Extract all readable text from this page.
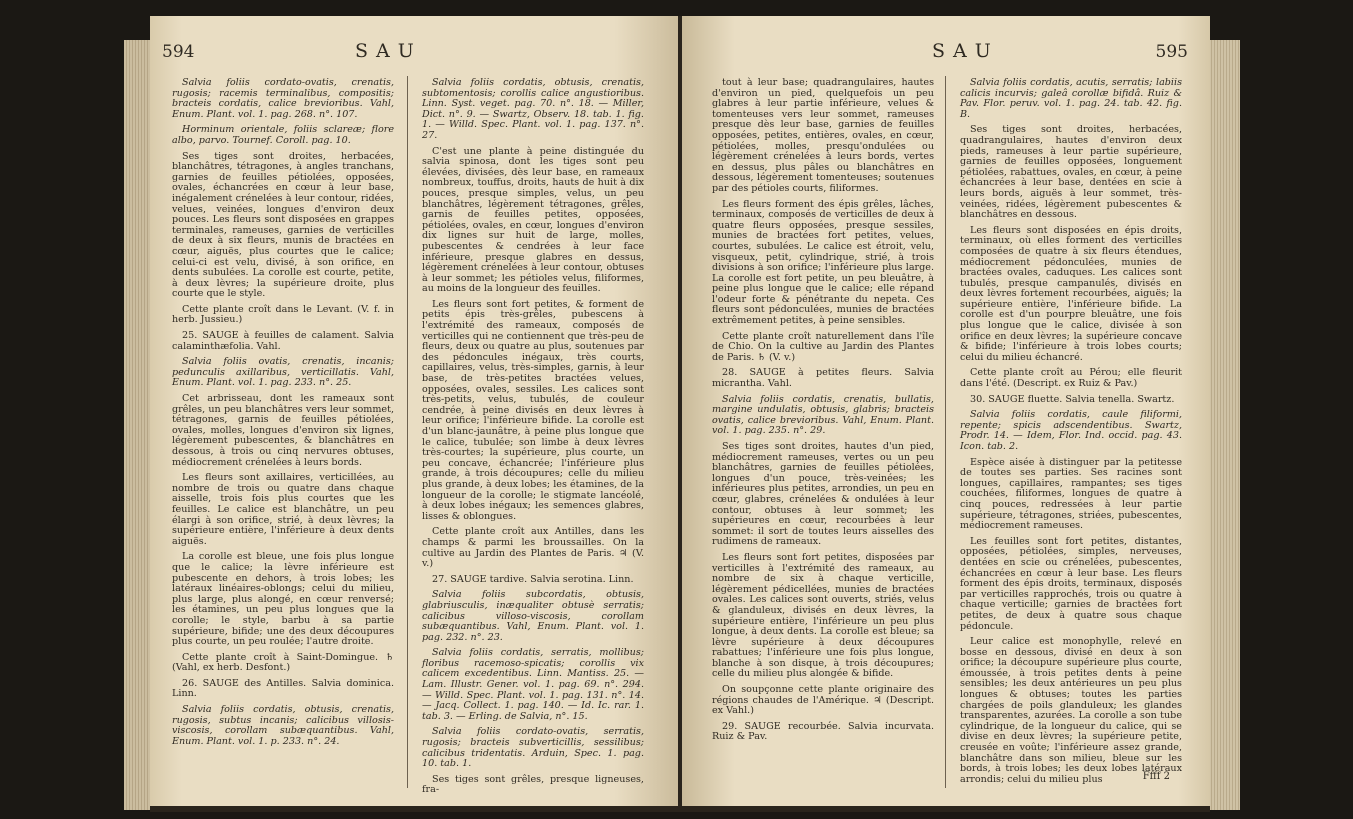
594	SAU

Salvia foliis cordato-ovatis, crenatis, rugosis; racemis terminalibus, compositis; bracteis cordatis, calice brevioribus. Vahl, Enum. Plant. vol. 1. pag. 268. n°. 107.

Horminum orientale, foliis sclareæ; flore albo, parvo. Tournef. Coroll. pag. 10.

Ses tiges sont droites, herbacées, blanchâtres, tétragones, à angles tranchans, garnies de feuilles pétiolées, opposées, ovales, échancrées en cœur à leur base, inégalement crénelées à leur contour, ridées, velues, veinées, longues d'environ deux pouces. Les fleurs sont disposées en grappes terminales, rameuses, garnies de verticilles de deux à six fleurs, munis de bractées en cœur, aiguës, plus courtes que le calice; celui-ci est velu, divisé, à son orifice, en dents subulées. La corolle est courte, petite, à deux lèvres; la supérieure droite, plus courte que le style.

Cette plante croît dans le Levant. (V. f. in herb. Jussieu.)

25. SAUGE à feuilles de calament. Salvia calaminthæfolia. Vahl.

Salvia foliis ovatis, crenatis, incanis; pedunculis axillaribus, verticillatis. Vahl, Enum. Plant. vol. 1. pag. 233. n°. 25.

Cet arbrisseau, dont les rameaux sont grêles, un peu blanchâtres vers leur sommet, tétragones, garnis de feuilles pétiolées, ovales, molles, longues d'environ six lignes, légèrement pubescentes, & blanchâtres en dessous, à trois ou cinq nervures obtuses, médiocrement crénelées à leurs bords.

Les fleurs sont axillaires, verticillées, au nombre de trois ou quatre dans chaque aisselle, trois fois plus courtes que les feuilles. Le calice est blanchâtre, un peu élargi à son orifice, strié, à deux lèvres; la supérieure entière, l'inférieure à deux dents aiguës.

La corolle est bleue, une fois plus longue que le calice; la lèvre inférieure est pubescente en dehors, à trois lobes; les latéraux linéaires-oblongs; celui du milieu, plus large, plus alongé, en cœur renversé; les étamines, un peu plus longues que la corolle; le style, barbu à sa partie supérieure, bifide; une des deux découpures plus courte, un peu roulée; l'autre droite.

Cette plante croît à Saint-Domingue. ♄ (Vahl, ex herb. Desfont.)

26. SAUGE des Antilles. Salvia dominica. Linn.

Salvia foliis cordatis, obtusis, crenatis, rugosis, subtus incanis; calicibus villosis-viscosis, corollam subæquantibus. Vahl, Enum. Plant. vol. 1. p. 233. n°. 24.

Salvia foliis cordatis, obtusis, crenatis, subtomentosis; corollis calice angustioribus. Linn. Syst. veget. pag. 70. n°. 18. — Miller, Dict. n°. 9. — Swartz, Observ. 18. tab. 1. fig. 1. — Willd. Spec. Plant. vol. 1. pag. 137. n°. 27.

C'est une plante à peine distinguée du salvia spinosa, dont les tiges sont peu élevées, divisées, dès leur base, en rameaux nombreux, touffus, droits, hauts de huit à dix pouces, presque simples, velus, un peu blanchâtres, légèrement tétragones, grêles, garnis de feuilles petites, opposées, pétiolées, ovales, en cœur, longues d'environ dix lignes sur huit de large, molles, pubescentes & cendrées à leur face inférieure, presque glabres en dessus, légèrement crénelées à leur contour, obtuses à leur sommet; les pétioles velus, filiformes, au moins de la longueur des feuilles.

Les fleurs sont fort petites, & forment de petits épis très-grêles, pubescens à l'extrémité des rameaux, composés de verticilles qui ne contiennent que très-peu de fleurs, deux ou quatre au plus, soutenues par des pédoncules inégaux, très courts, capillaires, velus, très-simples, garnis, à leur base, de très-petites bractées velues, opposées, ovales, sessiles. Les calices sont très-petits, velus, tubulés, de couleur cendrée, à peine divisés en deux lèvres à leur orifice; l'inférieure bifide. La corolle est d'un blanc-jaunâtre, à peine plus longue que le calice, tubulée; son limbe à deux lèvres très-courtes; la supérieure, plus courte, un peu concave, échancrée; l'inférieure plus grande, à trois découpures; celle du milieu plus grande, à deux lobes; les étamines, de la longueur de la corolle; le stigmate lancéolé, à deux lobes inégaux; les semences glabres, lisses & oblongues.

Cette plante croît aux Antilles, dans les champs & parmi les broussailles. On la cultive au Jardin des Plantes de Paris. ♃ (V. v.)

27. SAUGE tardive. Salvia serotina. Linn.

Salvia foliis subcordatis, obtusis, glabriusculis, inæqualiter obtusè serratis; calicibus villoso-viscosis, corollam subæquantibus. Vahl, Enum. Plant. vol. 1. pag. 232. n°. 23.

Salvia foliis cordatis, serratis, mollibus; floribus racemoso-spicatis; corollis vix calicem excedentibus. Linn. Mantiss. 25. — Lam. Illustr. Gener. vol. 1. pag. 69. n°. 294. — Willd. Spec. Plant. vol. 1. pag. 131. n°. 14. — Jacq. Collect. 1. pag. 140. — Id. Ic. rar. 1. tab. 3. — Erling. de Salvia, n°. 15.

Salvia foliis cordato-ovatis, serratis, rugosis; bracteis subverticillis, sessilibus; calicibus tridentatis. Arduin, Spec. 1. pag. 10. tab. 1.

Ses tiges sont grêles, presque ligneuses, fra-

SAU	595

tout à leur base; quadrangulaires, hautes d'environ un pied, quelquefois un peu glabres à leur partie inférieure, velues & tomenteuses vers leur sommet, rameuses presque dès leur base, garnies de feuilles opposées, petites, entières, ovales, en cœur, pétiolées, molles, presqu'ondulées ou légèrement crénelées à leurs bords, vertes en dessus, plus pâles ou blanchâtres en dessous, légèrement tomenteuses; soutenues par des pétioles courts, filiformes.

Les fleurs forment des épis grêles, lâches, terminaux, composés de verticilles de deux à quatre fleurs opposées, presque sessiles, munies de bractées fort petites, velues, courtes, subulées. Le calice est étroit, velu, visqueux, petit, cylindrique, strié, à trois divisions à son orifice; l'inférieure plus large. La corolle est fort petite, un peu bleuâtre, à peine plus longue que le calice; elle répand l'odeur forte & pénétrante du nepeta. Ces fleurs sont pédonculées, munies de bractées extrêmement petites, à peine sensibles.

Cette plante croît naturellement dans l'île de Chio. On la cultive au Jardin des Plantes de Paris. ♄ (V. v.)

28. SAUGE à petites fleurs. Salvia micrantha. Vahl.

Salvia foliis cordatis, crenatis, bullatis, margine undulatis, obtusis, glabris; bracteis ovatis, calice brevioribus. Vahl, Enum. Plant. vol. 1. pag. 235. n°. 29.

Ses tiges sont droites, hautes d'un pied, médiocrement rameuses, vertes ou un peu blanchâtres, garnies de feuilles pétiolées, longues d'un pouce, très-veinées; les inférieures plus petites, arrondies, un peu en cœur, glabres, crénelées & ondulées à leur contour, obtuses à leur sommet; les supérieures en cœur, recourbées à leur sommet: il sort de toutes leurs aisselles des rudimens de rameaux.

Les fleurs sont fort petites, disposées par verticilles à l'extrémité des rameaux, au nombre de six à chaque verticille, légèrement pédicellées, munies de bractées ovales. Les calices sont ouverts, striés, velus & glanduleux, divisés en deux lèvres, la supérieure entière, l'inférieure un peu plus longue, à deux dents. La corolle est bleue; sa lèvre supérieure à deux découpures rabattues; l'inférieure une fois plus longue, blanche à son disque, à trois découpures; celle du milieu plus alongée & bifide.

On soupçonne cette plante originaire des régions chaudes de l'Amérique. ♃ (Descript. ex Vahl.)

29. SAUGE recourbée. Salvia incurvata. Ruiz & Pav.

Salvia foliis cordatis, acutis, serratis; labiis calicis incurvis; galeâ corollæ bifidâ. Ruiz & Pav. Flor. peruv. vol. 1. pag. 24. tab. 42. fig. B.

Ses tiges sont droites, herbacées, quadrangulaires, hautes d'environ deux pieds, rameuses à leur partie supérieure, garnies de feuilles opposées, longuement pétiolées, rabattues, ovales, en cœur, à peine échancrées à leur base, dentées en scie à leurs bords, aiguës à leur sommet, très-veinées, ridées, légèrement pubescentes & blanchâtres en dessous.

Les fleurs sont disposées en épis droits, terminaux, où elles forment des verticilles composées de quatre à six fleurs étendues, médiocrement pédonculées, munies de bractées ovales, caduques. Les calices sont tubulés, presque campanulés, divisés en deux lèvres fortement recourbées, aiguës; la supérieure entière, l'inférieure bifide. La corolle est d'un pourpre bleuâtre, une fois plus longue que le calice, divisée à son orifice en deux lèvres; la supérieure concave & bifide; l'inférieure à trois lobes courts; celui du milieu échancré.

Cette plante croît au Pérou; elle fleurit dans l'été. (Descript. ex Ruiz & Pav.)

30. SAUGE fluette. Salvia tenella. Swartz.

Salvia foliis cordatis, caule filiformi, repente; spicis adscendentibus. Swartz, Prodr. 14. — Idem, Flor. Ind. occid. pag. 43. Icon. tab. 2.

Espèce aisée à distinguer par la petitesse de toutes ses parties. Ses racines sont longues, capillaires, rampantes; ses tiges couchées, filiformes, longues de quatre à cinq pouces, redressées à leur partie supérieure, tétragones, striées, pubescentes, médiocrement rameuses.

Les feuilles sont fort petites, distantes, opposées, pétiolées, simples, nerveuses, dentées en scie ou crénelées, pubescentes, échancrées en cœur à leur base. Les fleurs forment des épis droits, terminaux, disposés par verticilles rapprochés, trois ou quatre à chaque verticille; garnies de bractées fort petites, de deux à quatre sous chaque pédoncule.

Leur calice est monophylle, relevé en bosse en dessous, divisé en deux à son orifice; la découpure supérieure plus courte, émoussée, à trois petites dents à peine sensibles; les deux antérieures un peu plus longues & obtuses; toutes les parties chargées de poils glanduleux; les glandes transparentes, azurées. La corolle a son tube cylindrique, de la longueur du calice, qui se divise en deux lèvres; la supérieure petite, creusée en voûte; l'inférieure assez grande, blanchâtre dans son milieu, bleue sur les bords, à trois lobes; les deux lobes latéraux arrondis; celui du milieu plus	Ffff 2
